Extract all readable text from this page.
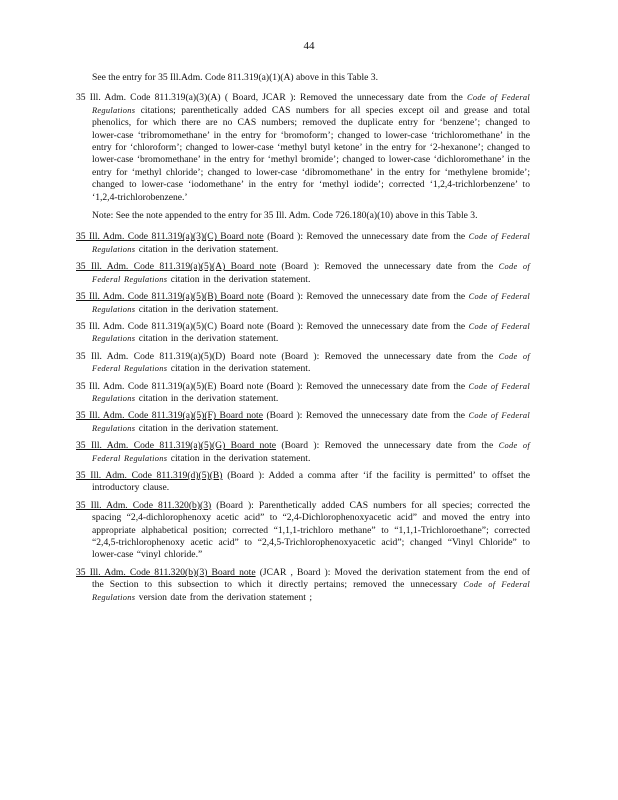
44

See the entry for 35 Ill.Adm. Code 811.319(a)(1)(A) above in this Table 3.

35 Ill. Adm. Code 811.319(a)(3)(A) ( Board, JCAR ): Removed the unnecessary date from the Code of Federal Regulations citations; parenthetically added CAS numbers for all species except oil and grease and total phenolics, for which there are no CAS numbers; removed the duplicate entry for ‘benzene’; changed to lower-case ‘tribromomethane’ in the entry for ‘bromoform’; changed to lower-case ‘trichloromethane’ in the entry for ‘chloroform’; changed to lower-case ‘methyl butyl ketone’ in the entry for ‘2-hexanone’; changed to lower-case ‘bromomethane’ in the entry for ‘methyl bromide’; changed to lower-case ‘dichloromethane’ in the entry for ‘methyl chloride’; changed to lower-case ‘dibromomethane’ in the entry for ‘methylene bromide’; changed to lower-case ‘iodomethane’ in the entry for ‘methyl iodide’; corrected ‘1,2,4-trichlorbenzene’ to ‘1,2,4-trichlorobenzene.’

Note: See the note appended to the entry for 35 Ill. Adm. Code 726.180(a)(10) above in this Table 3.

35 Ill. Adm. Code 811.319(a)(3)(C) Board note (Board ): Removed the unnecessary date from the Code of Federal Regulations citation in the derivation statement.

35 Ill. Adm. Code 811.319(a)(5)(A) Board note (Board ): Removed the unnecessary date from the Code of Federal Regulations citation in the derivation statement.

35 Ill. Adm. Code 811.319(a)(5)(B) Board note (Board ): Removed the unnecessary date from the Code of Federal Regulations citation in the derivation statement.

35 Ill. Adm. Code 811.319(a)(5)(C) Board note (Board ): Removed the unnecessary date from the Code of Federal Regulations citation in the derivation statement.

35 Ill. Adm. Code 811.319(a)(5)(D) Board note (Board ): Removed the unnecessary date from the Code of Federal Regulations citation in the derivation statement.

35 Ill. Adm. Code 811.319(a)(5)(E) Board note (Board ): Removed the unnecessary date from the Code of Federal Regulations citation in the derivation statement.

35 Ill. Adm. Code 811.319(a)(5)(F) Board note (Board ): Removed the unnecessary date from the Code of Federal Regulations citation in the derivation statement.

35 Ill. Adm. Code 811.319(a)(5)(G) Board note (Board ): Removed the unnecessary date from the Code of Federal Regulations citation in the derivation statement.

35 Ill. Adm. Code 811.319(d)(5)(B) (Board ): Added a comma after ‘if the facility is permitted’ to offset the introductory clause.

35 Ill. Adm. Code 811.320(b)(3) (Board ): Parenthetically added CAS numbers for all species; corrected the spacing “2,4-dichlorophenoxy acetic acid” to “2,4-Dichlorophenoxyacetic acid” and moved the entry into appropriate alphabetical position; corrected “1,1,1-trichloro methane” to “1,1,1-Trichloroethane”; corrected “2,4,5-trichlorophenoxy acetic acid” to “2,4,5-Trichlorophenoxyacetic acid”; changed “Vinyl Chloride” to lower-case “vinyl chloride.”

35 Ill. Adm. Code 811.320(b)(3) Board note (JCAR , Board ): Moved the derivation statement from the end of the Section to this subsection to which it directly pertains; removed the unnecessary Code of Federal Regulations version date from the derivation statement ;
